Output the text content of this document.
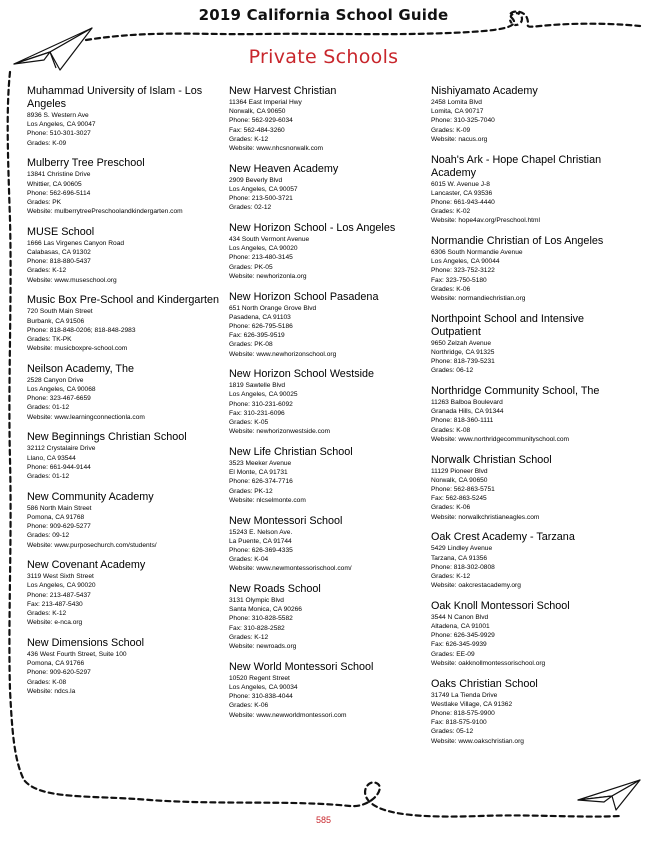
2019 California School Guide
Private Schools
Muhammad University of Islam - Los Angeles
8936 S. Western Ave
Los Angeles, CA 90047
Phone: 510-301-3027
Grades: K-09
Mulberry Tree Preschool
13841 Christine Drive
Whittier, CA 90605
Phone: 562-696-5114
Grades: PK
Website: mulberrytreePreschoolandkindergarten.com
MUSE School
1666 Las Virgenes Canyon Road
Calabasas, CA 91302
Phone: 818-880-5437
Grades: K-12
Website: www.museschool.org
Music Box Pre-School and Kindergarten
720 South Main Street
Burbank, CA 91506
Phone: 818-848-0206; 818-848-2983
Grades: TK-PK
Website: musicboxpre-school.com
Neilson Academy, The
2528 Canyon Drive
Los Angeles, CA 90068
Phone: 323-467-6659
Grades: 01-12
Website: www.learningconnectionla.com
New Beginnings Christian School
32112 Crystalaire Drive
Llano, CA 93544
Phone: 661-944-9144
Grades: 01-12
New Community Academy
586 North Main Street
Pomona, CA 91768
Phone: 909-629-5277
Grades: 09-12
Website: www.purposechurch.com/students/
New Covenant Academy
3119 West Sixth Street
Los Angeles, CA 90020
Phone: 213-487-5437
Fax: 213-487-5430
Grades: K-12
Website: e-nca.org
New Dimensions School
436 West Fourth Street, Suite 100
Pomona, CA 91766
Phone: 909-620-5297
Grades: K-08
Website: ndcs.la
New Harvest Christian
11364 East Imperial Hwy
Norwalk, CA 90650
Phone: 562-929-6034
Fax: 562-484-3260
Grades: K-12
Website: www.nhcsnorwalk.com
New Heaven Academy
2909 Beverly Blvd
Los Angeles, CA 90057
Phone: 213-500-3721
Grades: 02-12
New Horizon School - Los Angeles
434 South Vermont Avenue
Los Angeles, CA 90020
Phone: 213-480-3145
Grades: PK-05
Website: newhorizonla.org
New Horizon School Pasadena
651 North Orange Grove Blvd
Pasadena, CA 91103
Phone: 626-795-5186
Fax: 626-395-9519
Grades: PK-08
Website: www.newhorizonschool.org
New Horizon School Westside
1819 Sawtelle Blvd
Los Angeles, CA 90025
Phone: 310-231-6092
Fax: 310-231-6096
Grades: K-05
Website: newhorizonwestside.com
New Life Christian School
3523 Meeker Avenue
El Monte, CA 91731
Phone: 626-374-7716
Grades: PK-12
Website: nlcselmonte.com
New Montessori School
15243 E. Nelson Ave.
La Puente, CA 91744
Phone: 626-369-4335
Grades: K-04
Website: www.newmontessorischool.com/
New Roads School
3131 Olympic Blvd
Santa Monica, CA 90266
Phone: 310-828-5582
Fax: 310-828-2582
Grades: K-12
Website: newroads.org
New World Montessori School
10520 Regent Street
Los Angeles, CA 90034
Phone: 310-838-4044
Grades: K-06
Website: www.newworldmontessori.com
Nishiyamato Academy
2458 Lomita Blvd
Lomita, CA 90717
Phone: 310-325-7040
Grades: K-09
Website: nacus.org
Noah's Ark - Hope Chapel Christian Academy
6015 W. Avenue J-8
Lancaster, CA 93536
Phone: 661-943-4440
Grades: K-02
Website: hope4av.org/Preschool.html
Normandie Christian of Los Angeles
6306 South Normandie Avenue
Los Angeles, CA 90044
Phone: 323-752-3122
Fax: 323-750-5180
Grades: K-06
Website: normandiechristian.org
Northpoint School and Intensive Outpatient
9650 Zelzah Avenue
Northridge, CA 91325
Phone: 818-739-5231
Grades: 06-12
Northridge Community School, The
11263 Balboa Boulevard
Granada Hills, CA 91344
Phone: 818-360-1111
Grades: K-08
Website: www.northridgecommunityschool.com
Norwalk Christian School
11129 Pioneer Blvd
Norwalk, CA 90650
Phone: 562-863-5751
Fax: 562-863-5245
Grades: K-06
Website: norwalkchristianeagles.com
Oak Crest Academy - Tarzana
5429 Lindley Avenue
Tarzana, CA 91356
Phone: 818-302-0808
Grades: K-12
Website: oakcrestacademy.org
Oak Knoll Montessori School
3544 N Canon Blvd
Altadena, CA 91001
Phone: 626-345-9929
Fax: 626-345-9939
Grades: EE-09
Website: oakknollmontessorischool.org
Oaks Christian School
31749 La Tienda Drive
Westlake Village, CA 91362
Phone: 818-575-9900
Fax: 818-575-9100
Grades: 05-12
Website: www.oakschristian.org
585
